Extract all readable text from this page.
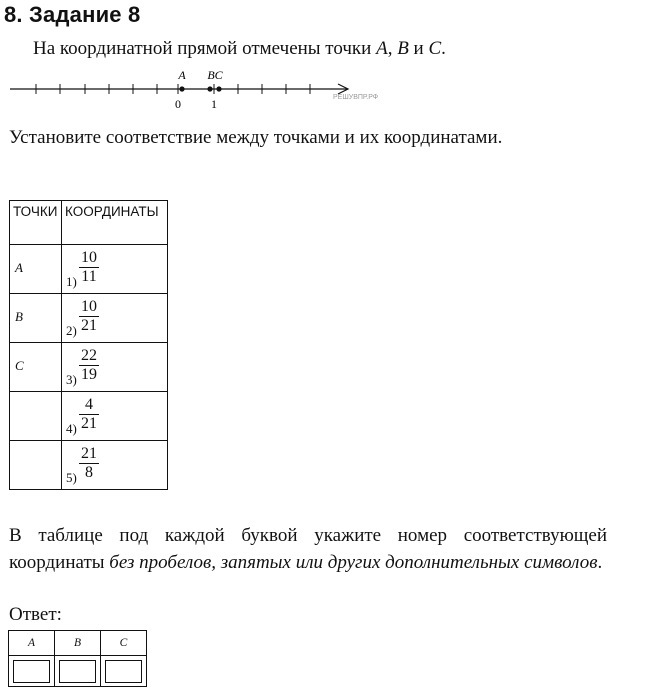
8. Задание 8
На координатной прямой отмечены точки A, B и C.
A BC
0	1	РЕШУВПР.РФ
Установите соответствие между точками и их координатами.
ТОЧКИ	КООРДИНАТЫ
A	1)
10
11

B	2)
10
21

C	3)
22
19

	4)
4
21

	5)
21
8
В таблице под каждой буквой укажите номер соответствующей координаты без пробелов, запятых или других дополнительных символов.
Ответ:
A	B	C
